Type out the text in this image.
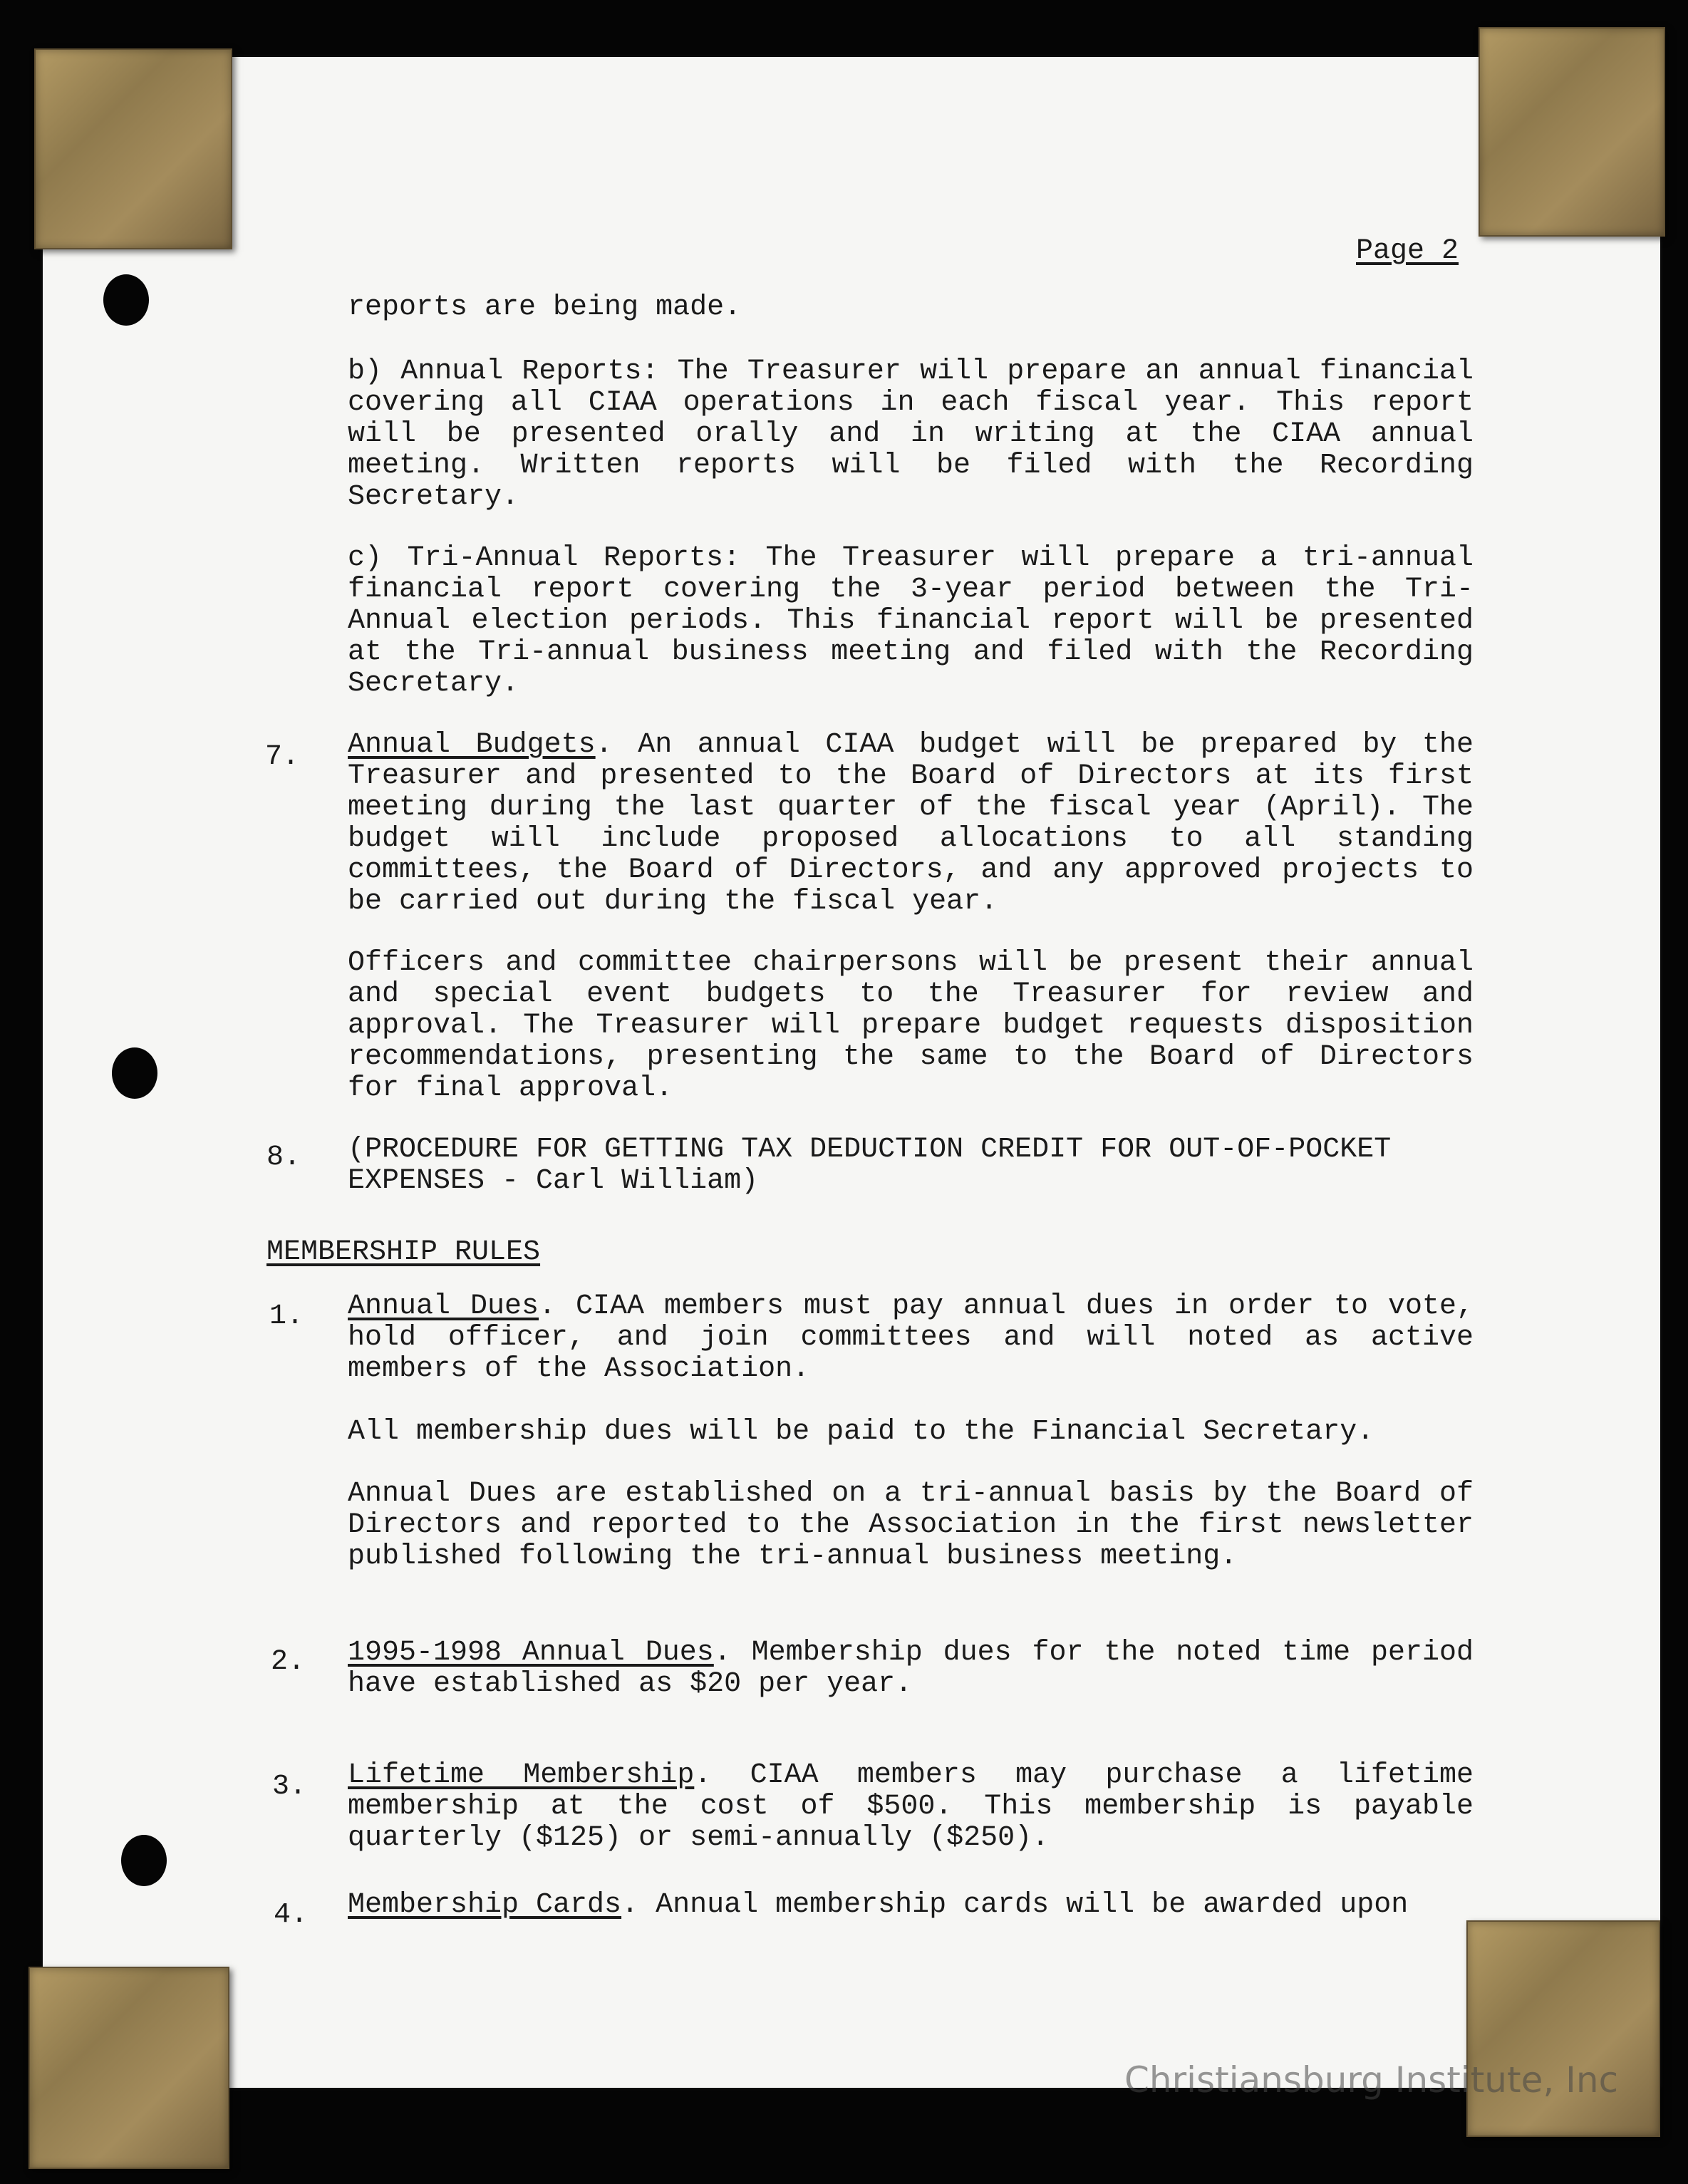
Page 2
reports are being made.
b) Annual Reports: The Treasurer will prepare an annual financial covering all CIAA operations in each fiscal year. This report will be presented orally and in writing at the CIAA annual meeting. Written reports will be filed with the Recording Secretary.
c) Tri-Annual Reports: The Treasurer will prepare a tri-annual financial report covering the 3-year period between the Tri-Annual election periods. This financial report will be presented at the Tri-annual business meeting and filed with the Recording Secretary.
7. Annual Budgets. An annual CIAA budget will be prepared by the Treasurer and presented to the Board of Directors at its first meeting during the last quarter of the fiscal year (April). The budget will include proposed allocations to all standing committees, the Board of Directors, and any approved projects to be carried out during the fiscal year.
Officers and committee chairpersons will be present their annual and special event budgets to the Treasurer for review and approval. The Treasurer will prepare budget requests disposition recommendations, presenting the same to the Board of Directors for final approval.
8. (PROCEDURE FOR GETTING TAX DEDUCTION CREDIT FOR OUT-OF-POCKET EXPENSES - Carl William)
MEMBERSHIP RULES
1. Annual Dues. CIAA members must pay annual dues in order to vote, hold officer, and join committees and will noted as active members of the Association.
All membership dues will be paid to the Financial Secretary.
Annual Dues are established on a tri-annual basis by the Board of Directors and reported to the Association in the first newsletter published following the tri-annual business meeting.
2. 1995-1998 Annual Dues. Membership dues for the noted time period have established as $20 per year.
3. Lifetime Membership. CIAA members may purchase a lifetime membership at the cost of $500. This membership is payable quarterly ($125) or semi-annually ($250).
4. Membership Cards. Annual membership cards will be awarded upon
Christiansburg Institute, Inc
